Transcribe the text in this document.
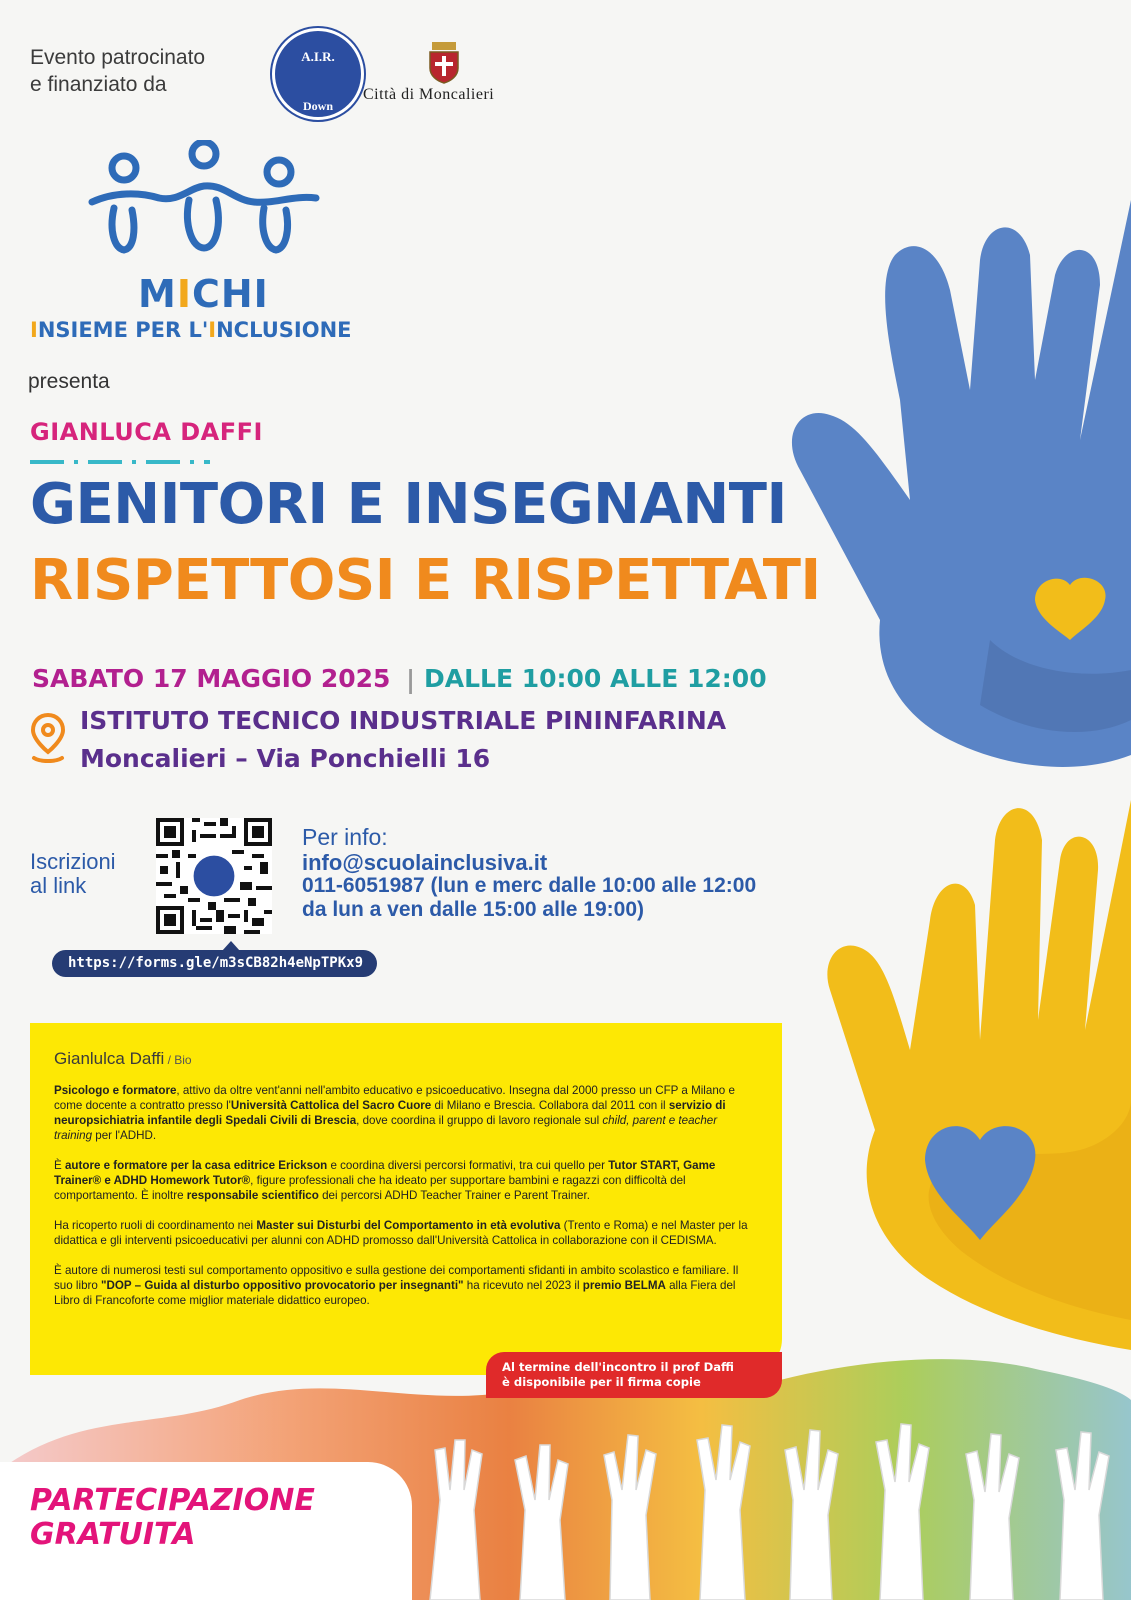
Evento patrocinato
e finanziato da
A.I.R.
Down
Città di Moncalieri
MICHI
INSIEME PER L'INCLUSIONE
presenta
GIANLUCA DAFFI
GENITORI E INSEGNANTI
RISPETTOSI E RISPETTATI
SABATO 17 MAGGIO 2025 | DALLE 10:00 ALLE 12:00
ISTITUTO TECNICO INDUSTRIALE PININFARINA
Moncalieri – Via Ponchielli 16
Iscrizioni
al link
Per info:
info@scuolainclusiva.it
011-6051987 (lun e merc dalle 10:00 alle 12:00
da lun a ven dalle 15:00 alle 19:00)
https://forms.gle/m3sCB82h4eNpTPKx9
Gianlulca Daffi / Bio

Psicologo e formatore, attivo da oltre vent'anni nell'ambito educativo e psicoeducativo. Insegna dal 2000 presso un CFP a Milano e come docente a contratto presso l'Università Cattolica del Sacro Cuore di Milano e Brescia. Collabora dal 2011 con il servizio di neuropsichiatria infantile degli Spedali Civili di Brescia, dove coordina il gruppo di lavoro regionale sul child, parent e teacher training per l'ADHD.

È autore e formatore per la casa editrice Erickson e coordina diversi percorsi formativi, tra cui quello per Tutor START, Game Trainer® e ADHD Homework Tutor®, figure professionali che ha ideato per supportare bambini e ragazzi con difficoltà del comportamento. È inoltre responsabile scientifico dei percorsi ADHD Teacher Trainer e Parent Trainer.

Ha ricoperto ruoli di coordinamento nei Master sui Disturbi del Comportamento in età evolutiva (Trento e Roma) e nel Master per la didattica e gli interventi psicoeducativi per alunni con ADHD promosso dall'Università Cattolica in collaborazione con il CEDISMA.

È autore di numerosi testi sul comportamento oppositivo e sulla gestione dei comportamenti sfidanti in ambito scolastico e familiare. Il suo libro "DOP – Guida al disturbo oppositivo provocatorio per insegnanti" ha ricevuto nel 2023 il premio BELMA alla Fiera del Libro di Francoforte come miglior materiale didattico europeo.

Al termine dell'incontro il prof Daffi
è disponibile per il firma copie
PARTECIPAZIONE
GRATUITA
